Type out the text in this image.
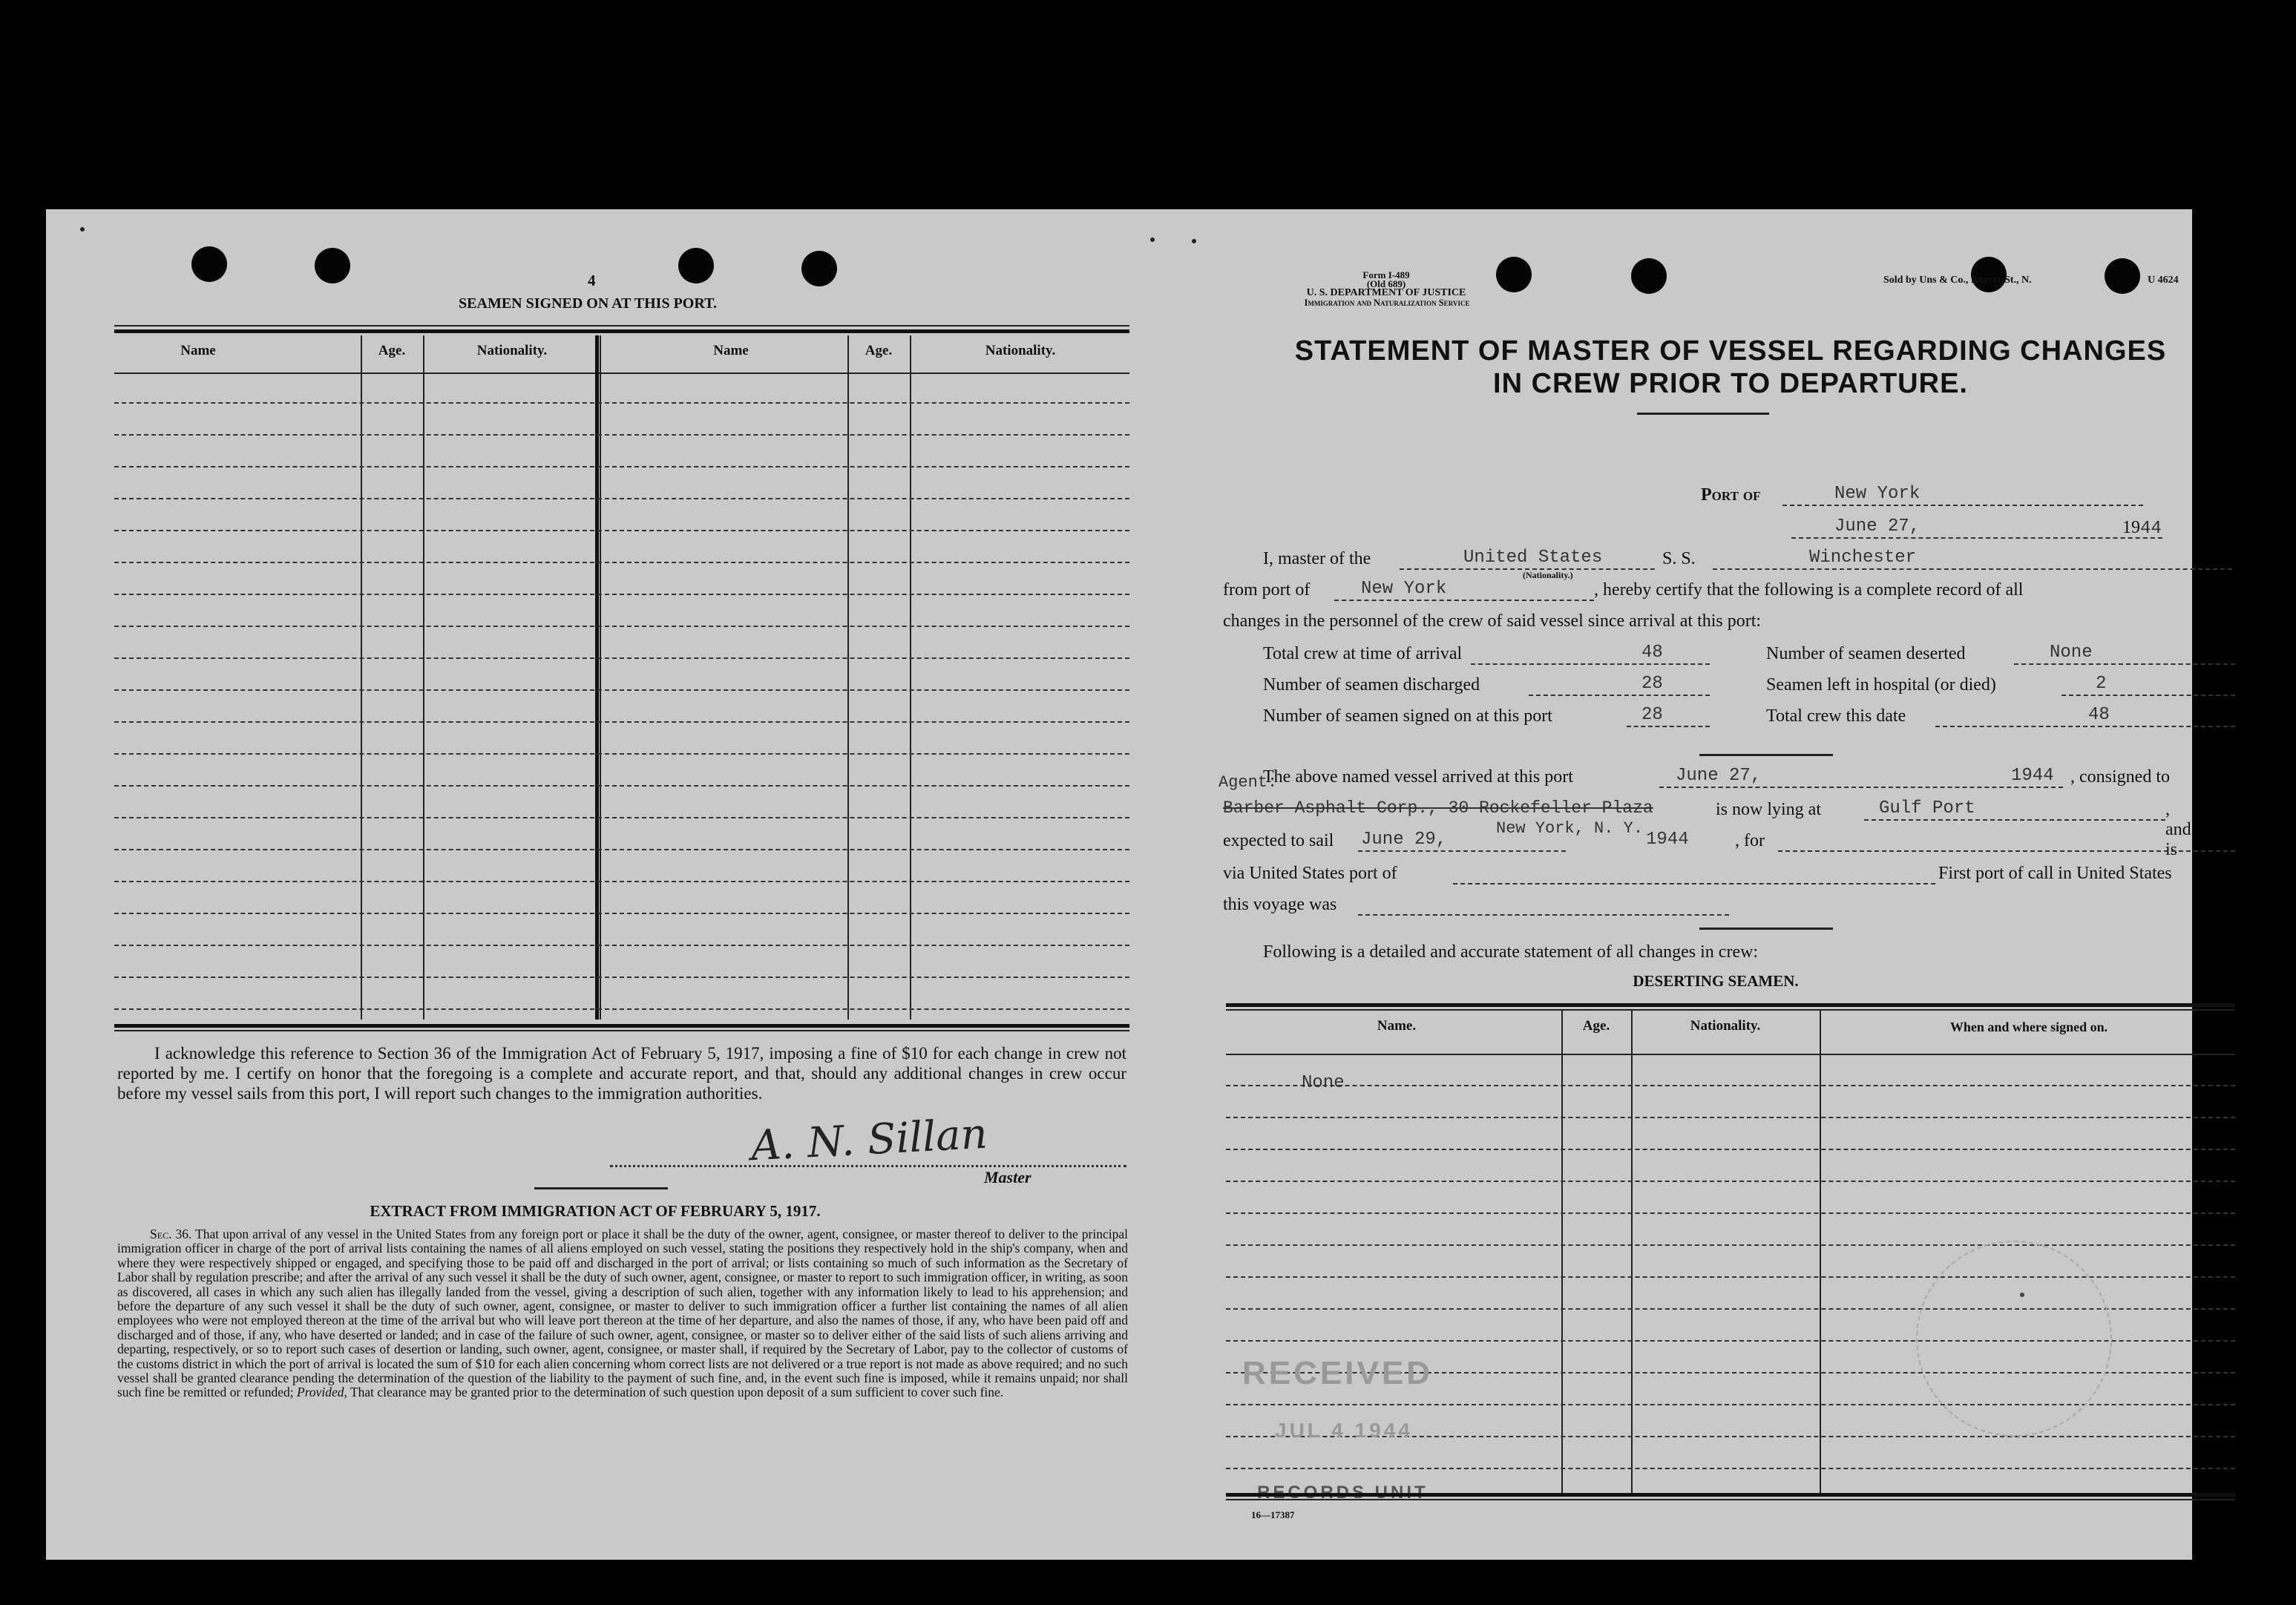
4
SEAMEN SIGNED ON AT THIS PORT.
Name	Age.	Nationality.	Name	Age.	Nationality.
I acknowledge this reference to Section 36 of the Immigration Act of February 5, 1917, imposing a fine of $10 for each change in crew not reported by me. I certify on honor that the foregoing is a complete and accurate report, and that, should any additional changes in crew occur before my vessel sails from this port, I will report such changes to the immigration authorities.
A. N. Sillan
Master
EXTRACT FROM IMMIGRATION ACT OF FEBRUARY 5, 1917.
Sec. 36. That upon arrival of any vessel in the United States from any foreign port or place it shall be the duty of the owner, agent, consignee, or master thereof to deliver to the principal immigration officer in charge of the port of arrival lists containing the names of all aliens employed on such vessel, stating the positions they respectively hold in the ship's company, when and where they were respectively shipped or engaged, and specifying those to be paid off and discharged in the port of arrival; or lists containing so much of such information as the Secretary of Labor shall by regulation prescribe; and after the arrival of any such vessel it shall be the duty of such owner, agent, consignee, or master to report to such immigration officer, in writing, as soon as discovered, all cases in which any such alien has illegally landed from the vessel, giving a description of such alien, together with any information likely to lead to his apprehension; and before the departure of any such vessel it shall be the duty of such owner, agent, consignee, or master to deliver to such immigration officer a further list containing the names of all alien employees who were not employed thereon at the time of the arrival but who will leave port thereon at the time of her departure, and also the names of those, if any, who have been paid off and discharged and of those, if any, who have deserted or landed; and in case of the failure of such owner, agent, consignee, or master so to deliver either of the said lists of such aliens arriving and departing, respectively, or so to report such cases of desertion or landing, such owner, agent, consignee, or master shall, if required by the Secretary of Labor, pay to the collector of customs of the customs district in which the port of arrival is located the sum of $10 for each alien concerning whom correct lists are not delivered or a true report is not made as above required; and no such vessel shall be granted clearance pending the determination of the question of the liability to the payment of such fine, and, in the event such fine is imposed, while it remains unpaid; nor shall such fine be remitted or refunded; Provided, That clearance may be granted prior to the determination of such question upon deposit of a sum sufficient to cover such fine.
Form I-489
(Old 689)
U. S. DEPARTMENT OF JUSTICE
Immigration and Naturalization Service
Sold by Uns & Co., Beaver St., N.	U 4624
STATEMENT OF MASTER OF VESSEL REGARDING CHANGES
IN CREW PRIOR TO DEPARTURE.
Port of	New York
June 27,	1944
I, master of the	United States
(Nationality.)
S. S.	Winchester
from port of	New York	, hereby certify that the following is a complete record of all
changes in the personnel of the crew of said vessel since arrival at this port:
Total crew at time of arrival	48
Number of seamen discharged	28
Number of seamen signed on at this port	28
Number of seamen deserted	None
Seamen left in hospital (or died)	2
Total crew this date	48
Agent:
The above named vessel arrived at this port	June 27,	1944 , consigned to
Barber Asphalt Corp., 30 Rockefeller Plaza
New York, N. Y.
is now lying at	Gulf Port	, and is
expected to sail June 29,	1944	, for
via United States port of	First port of call in United States
this voyage was
Following is a detailed and accurate statement of all changes in crew:
DESERTING SEAMEN.
Name.	Age.	Nationality.	When and where signed on.
None
RECEIVED
JUL 4 1944
RECORDS UNIT
16—17387
